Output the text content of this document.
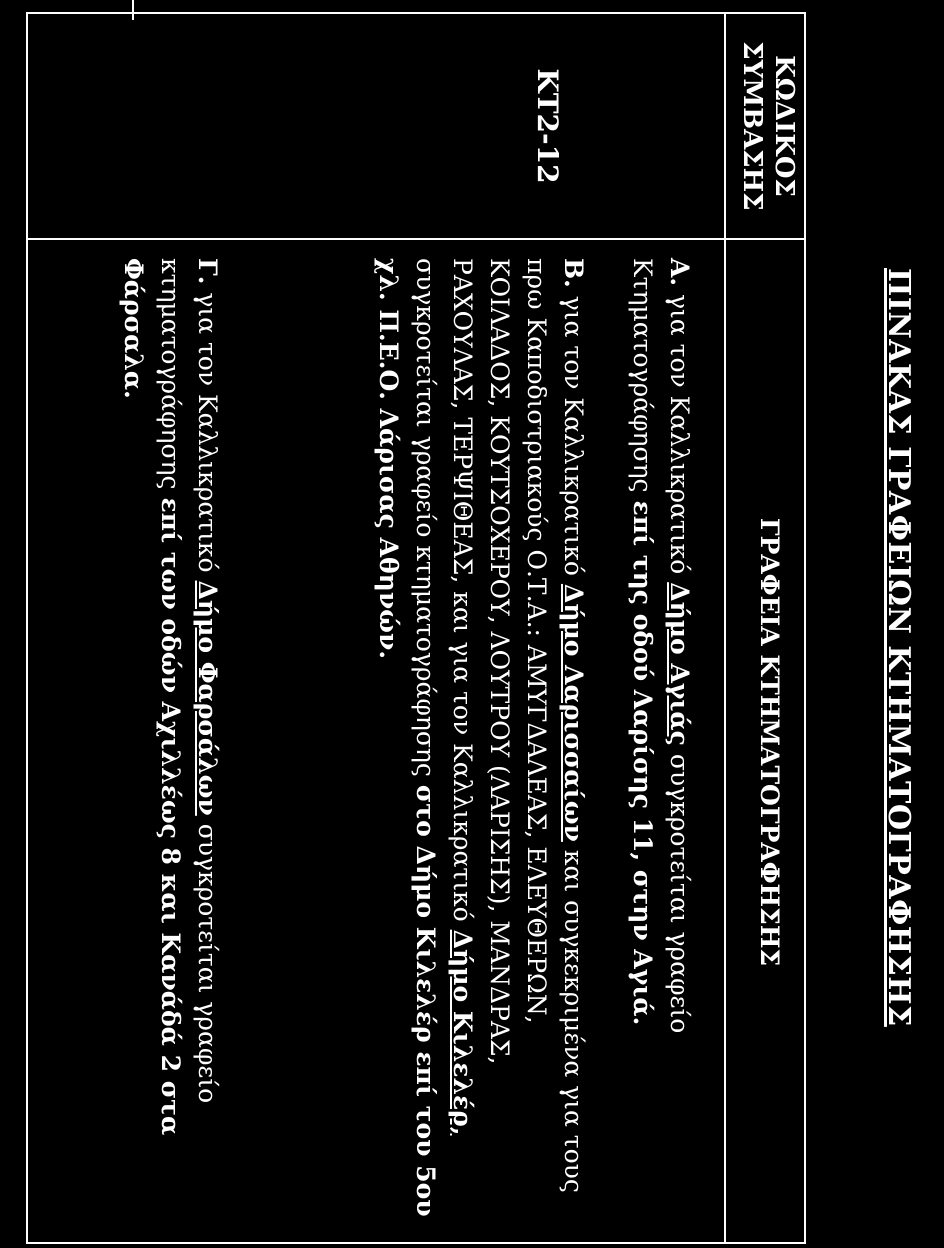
ΠΙΝΑΚΑΣ ΓΡΑΦΕΙΩΝ ΚΤΗΜΑΤΟΓΡΑΦΗΣΗΣ
ΚΩΔΙΚΟΣ
ΣΥΜΒΑΣΗΣ
ΓΡΑΦΕΙΑ ΚΤΗΜΑΤΟΓΡΑΦΗΣΗΣ
ΚΤ2-12
Α. για τον Καλλικρατικό Δήμο Αγιάς συγκροτείται γραφείο
Κτηματογράφησης επί της οδού Λαρίσης 11, στην Αγιά.
Β. για τον Καλλικρατικό Δήμο Λαρισσαίων και συγκεκριμένα για τους
πρω Καποδιστριακούς Ο.Τ.Α.: ΑΜΥΓΔΑΛΕΑΣ, ΕΛΕΥΘΕΡΩΝ,
ΚΟΙΛΑΔΟΣ, ΚΟΥΤΣΟΧΕΡΟΥ, ΛΟΥΤΡΟΥ (ΛΑΡΙΣΗΣ), ΜΑΝΔΡΑΣ,
ΡΑΧΟΥΛΑΣ, ΤΕΡΨΙΘΕΑΣ, και για τον Καλλικρατικό Δήμο Κιλελέρ,
συγκροτείται γραφείο κτηματογράφησης στο Δήμο Κιλελέρ επί του 5ου
χλ. Π.Ε.Ο. Λάρισας Αθηνών.
Γ. για τον Καλλικρατικό Δήμο Φαρσάλων συγκροτείται γραφείο
κτηματογράφησης επί των οδών Αχιλλέως 8 και Κανάδά 2 στα
Φάρσαλα.
